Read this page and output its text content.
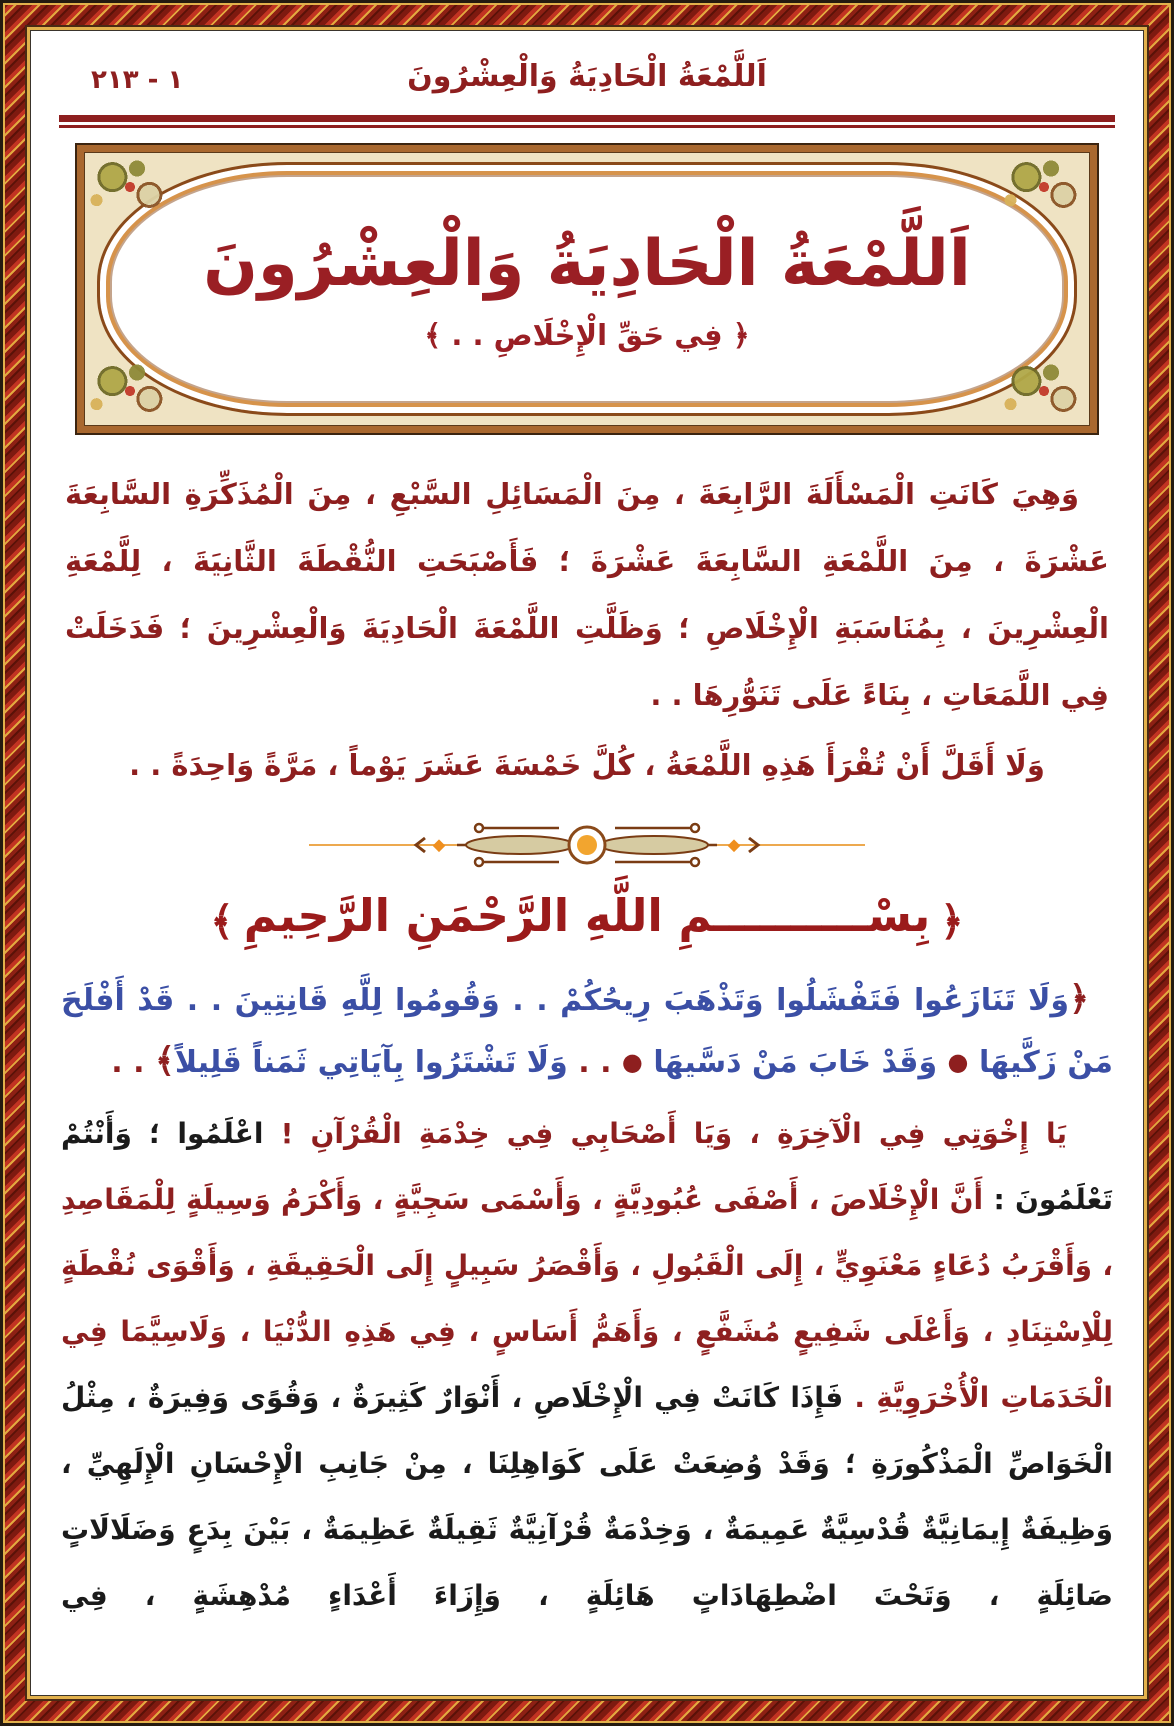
اَللَّمْعَةُ الْحَادِيَةُ وَالْعِشْرُونَ
١ - ٢١٣
اَللَّمْعَةُ الْحَادِيَةُ وَالْعِشْرُونَ
﴿ فِي حَقِّ الْإِخْلَاصِ . . ﴾

وَهِيَ كَانَتِ الْمَسْأَلَةَ الرَّابِعَةَ ، مِنَ الْمَسَائِلِ السَّبْعِ ، مِنَ الْمُذَكِّرَةِ السَّابِعَةَ عَشْرَةَ ، مِنَ اللَّمْعَةِ السَّابِعَةَ عَشْرَةَ ؛ فَأَصْبَحَتِ النُّقْطَةَ الثَّانِيَةَ ، لِلَّمْعَةِ الْعِشْرِينَ ، بِمُنَاسَبَةِ الْإِخْلَاصِ ؛ وَظَلَّتِ اللَّمْعَةَ الْحَادِيَةَ وَالْعِشْرِينَ ؛ فَدَخَلَتْ فِي اللَّمَعَاتِ ، بِنَاءً عَلَى تَنَوُّرِهَا . .

وَلَا أَقَلَّ أَنْ تُقْرَأَ هَذِهِ اللَّمْعَةُ ، كُلَّ خَمْسَةَ عَشَرَ يَوْماً ، مَرَّةً وَاحِدَةً . .

﴿بِسْــــــــــمِ اللَّهِ الرَّحْمَنِ الرَّحِيمِ﴾

﴿وَلَا تَنَازَعُوا فَتَفْشَلُوا وَتَذْهَبَ رِيحُكُمْ . . وَقُومُوا لِلَّهِ قَانِتِينَ . . قَدْ أَفْلَحَ مَنْ زَكَّيهَا ● وَقَدْ خَابَ مَنْ دَسَّيهَا ● . . وَلَا تَشْتَرُوا بِآيَاتِي ثَمَناً قَلِيلاً﴾ . .

يَا إِخْوَتِي فِي الْآخِرَةِ ، وَيَا أَصْحَابِي فِي خِدْمَةِ الْقُرْآنِ ! اعْلَمُوا ؛ وَأَنْتُمْ تَعْلَمُونَ : أَنَّ الْإِخْلَاصَ ، أَصْفَى عُبُودِيَّةٍ ، وَأَسْمَى سَجِيَّةٍ ، وَأَكْرَمُ وَسِيلَةٍ لِلْمَقَاصِدِ ، وَأَقْرَبُ دُعَاءٍ مَعْنَوِيٍّ ، إِلَى الْقَبُولِ ، وَأَقْصَرُ سَبِيلٍ إِلَى الْحَقِيقَةِ ، وَأَقْوَى نُقْطَةٍ لِلْاِسْتِنَادِ ، وَأَعْلَى شَفِيعٍ مُشَفَّعٍ ، وَأَهَمُّ أَسَاسٍ ، فِي هَذِهِ الدُّنْيَا ، وَلَاسِيَّمَا فِي الْخَدَمَاتِ الْأُخْرَوِيَّةِ . فَإِذَا كَانَتْ فِي الْإِخْلَاصِ ، أَنْوَارٌ كَثِيرَةٌ ، وَقُوًى وَفِيرَةٌ ، مِثْلُ الْخَوَاصِّ الْمَذْكُورَةِ ؛ وَقَدْ وُضِعَتْ عَلَى كَوَاهِلِنَا ، مِنْ جَانِبِ الْإِحْسَانِ الْإِلَهِيِّ ، وَظِيفَةٌ إِيمَانِيَّةٌ قُدْسِيَّةٌ عَمِيمَةٌ ، وَخِدْمَةٌ قُرْآنِيَّةٌ ثَقِيلَةٌ عَظِيمَةٌ ، بَيْنَ بِدَعٍ وَضَلَالَاتٍ صَائِلَةٍ ، وَتَحْتَ اضْطِهَادَاتٍ هَائِلَةٍ ، وَإِزَاءَ أَعْدَاءٍ مُدْهِشَةٍ ، فِي
